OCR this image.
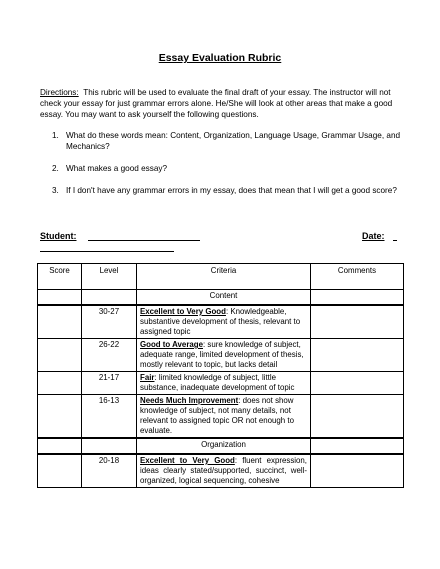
Essay Evaluation Rubric
Directions: This rubric will be used to evaluate the final draft of your essay. The instructor will not check your essay for just grammar errors alone. He/She will look at other areas that make a good essay. You may want to ask yourself the following questions.
1. What do these words mean: Content, Organization, Language Usage, Grammar Usage, and Mechanics?
2. What makes a good essay?
3. If I don't have any grammar errors in my essay, does that mean that I will get a good score?
Student:	Date:
Score	Level	Criteria	Comments
		Content	
	30-27	Excellent to Very Good: Knowledgeable, substantive development of thesis, relevant to assigned topic	
	26-22	Good to Average: sure knowledge of subject, adequate range, limited development of thesis, mostly relevant to topic, but lacks detail	
	21-17	Fair: limited knowledge of subject, little substance, inadequate development of topic	
	16-13	Needs Much Improvement: does not show knowledge of subject, not many details, not relevant to assigned topic OR not enough to evaluate.	
		Organization	
	20-18	Excellent to Very Good: fluent expression, ideas clearly stated/supported, succinct, well-organized, logical sequencing, cohesive	
